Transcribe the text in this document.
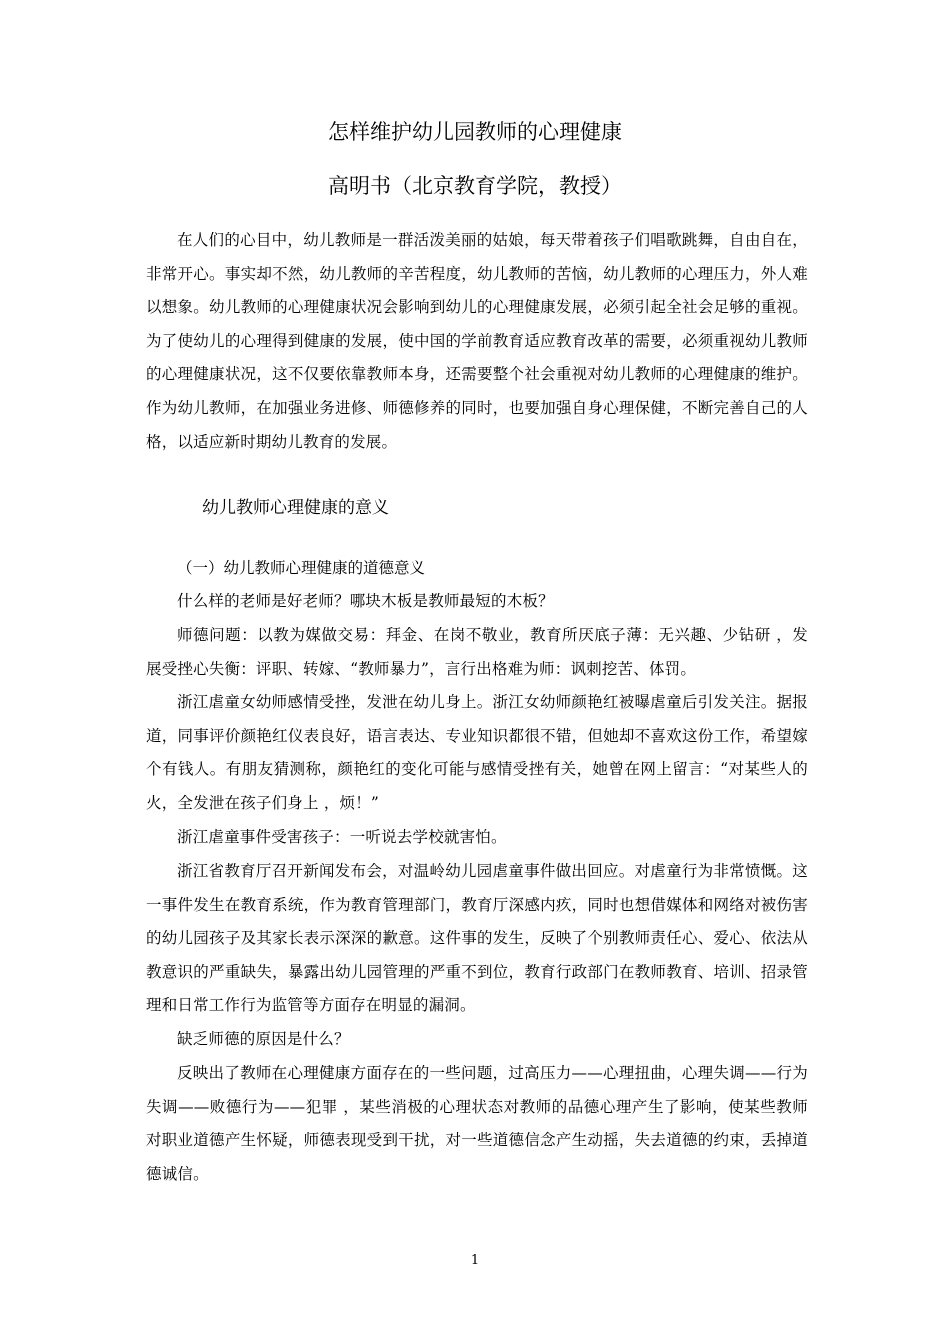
怎样维护幼儿园教师的心理健康
高明书（北京教育学院，教授）

在人们的心目中，幼儿教师是一群活泼美丽的姑娘，每天带着孩子们唱歌跳舞，自由自在，非常开心。事实却不然，幼儿教师的辛苦程度，幼儿教师的苦恼，幼儿教师的心理压力，外人难以想象。幼儿教师的心理健康状况会影响到幼儿的心理健康发展，必须引起全社会足够的重视。为了使幼儿的心理得到健康的发展，使中国的学前教育适应教育改革的需要，必须重视幼儿教师的心理健康状况，这不仅要依靠教师本身，还需要整个社会重视对幼儿教师的心理健康的维护。作为幼儿教师，在加强业务进修、师德修养的同时，也要加强自身心理保健，不断完善自己的人格，以适应新时期幼儿教育的发展。

幼儿教师心理健康的意义
（一）幼儿教师心理健康的道德意义

什么样的老师是好老师？哪块木板是教师最短的木板？

师德问题：以教为媒做交易：拜金、在岗不敬业，教育所厌底子薄：无兴趣、少钻研 ，发展受挫心失衡：评职、转嫁、“教师暴力”，言行出格难为师：讽刺挖苦、体罚。

浙江虐童女幼师感情受挫，发泄在幼儿身上。浙江女幼师颜艳红被曝虐童后引发关注。据报道，同事评价颜艳红仪表良好，语言表达、专业知识都很不错，但她却不喜欢这份工作，希望嫁个有钱人。有朋友猜测称，颜艳红的变化可能与感情受挫有关，她曾在网上留言：“对某些人的火，全发泄在孩子们身上 ，烦！”

浙江虐童事件受害孩子：一听说去学校就害怕。

浙江省教育厅召开新闻发布会，对温岭幼儿园虐童事件做出回应。对虐童行为非常愤慨。这一事件发生在教育系统，作为教育管理部门，教育厅深感内疚，同时也想借媒体和网络对被伤害的幼儿园孩子及其家长表示深深的歉意。这件事的发生，反映了个别教师责任心、爱心、依法从教意识的严重缺失，暴露出幼儿园管理的严重不到位，教育行政部门在教师教育、培训、招录管理和日常工作行为监管等方面存在明显的漏洞。

缺乏师德的原因是什么？

反映出了教师在心理健康方面存在的一些问题，过高压力——心理扭曲，心理失调——行为失调——败德行为——犯罪 ，某些消极的心理状态对教师的品德心理产生了影响，使某些教师对职业道德产生怀疑，师德表现受到干扰，对一些道德信念产生动摇，失去道德的约束，丢掉道德诚信。

1
